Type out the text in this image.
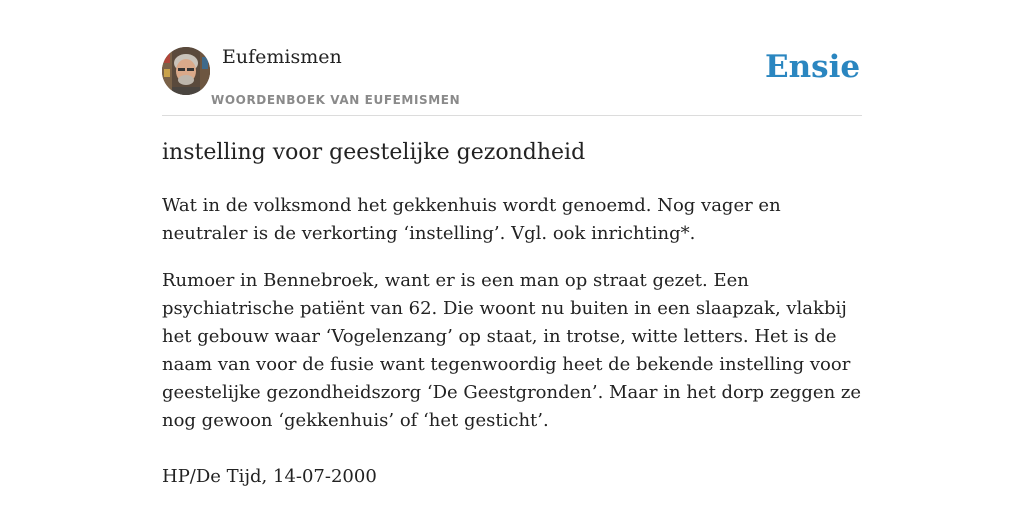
Eufemismen
WOORDENBOEK VAN EUFEMISMEN
Ensie
instelling voor geestelijke gezondheid

Wat in de volksmond het gekkenhuis wordt genoemd. Nog vager en neutraler is de verkorting ‘instelling’. Vgl. ook inrichting*.

Rumoer in Bennebroek, want er is een man op straat gezet. Een psychiatrische patiënt van 62. Die woont nu buiten in een slaapzak, vlakbij het gebouw waar ‘Vogelenzang’ op staat, in trotse, witte letters. Het is de naam van voor de fusie want tegenwoordig heet de bekende instelling voor geestelijke gezondheidszorg ‘De Geestgronden’. Maar in het dorp zeggen ze nog gewoon ‘gekkenhuis’ of ‘het gesticht’.

HP/De Tijd, 14-07-2000
